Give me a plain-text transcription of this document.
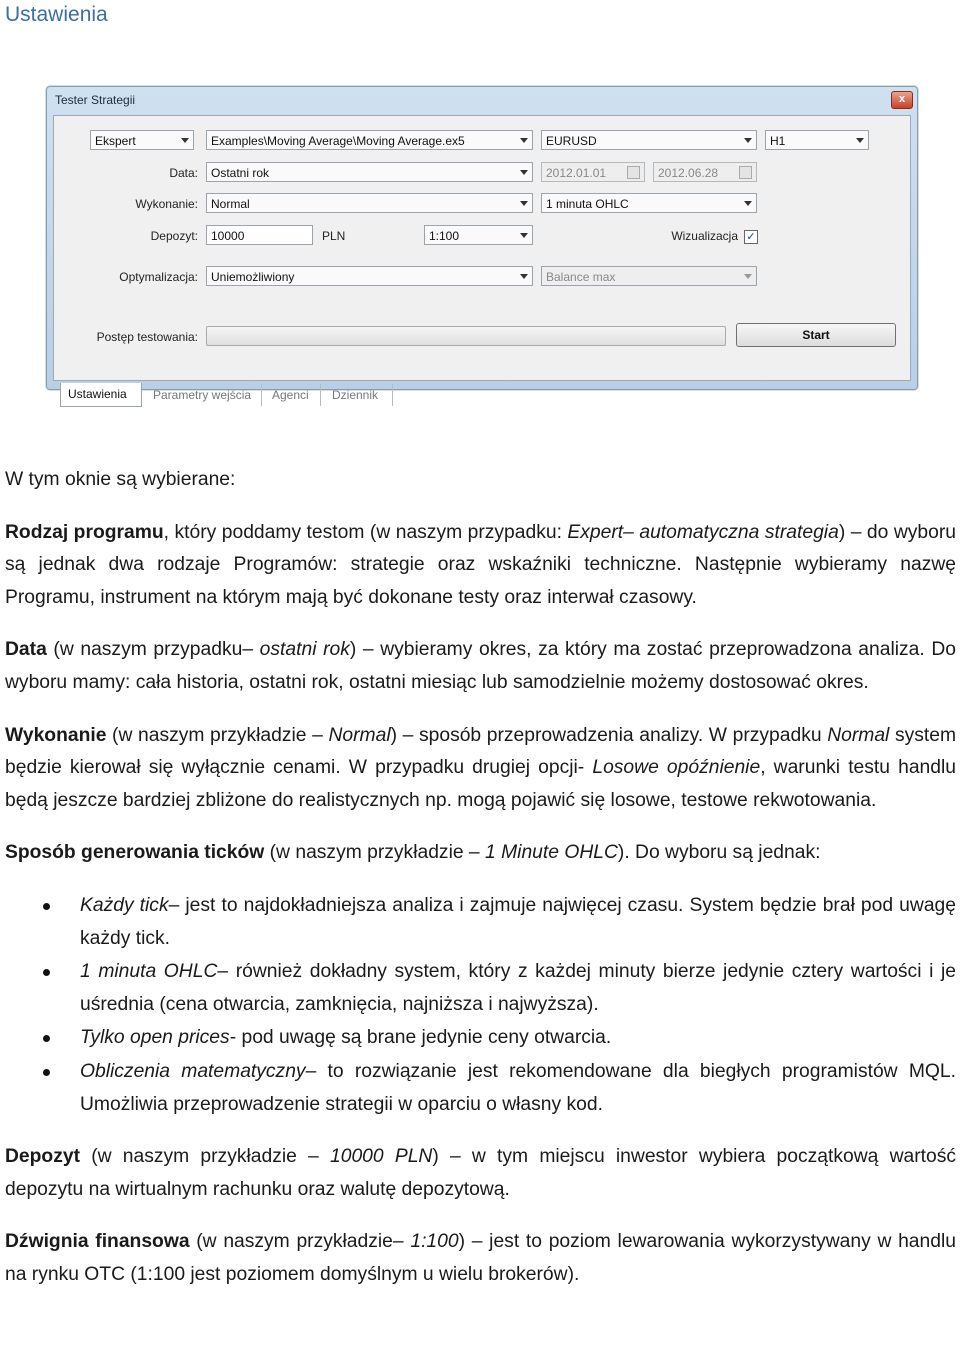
Ustawienia
Tester Strategii	x
Ekspert	Examples\Moving Average\Moving Average.ex5	EURUSD	H1
Data:	Ostatni rok	2012.01.01	2012.06.28
Wykonanie:	Normal	1 minuta OHLC
Depozyt:	10000	PLN	1:100	Wizualizacja ✓
Optymalizacja:	Uniemożliwiony	Balance max
Postęp testowania:	Start
Ustawienia	Parametry wejścia	Agenci	Dziennik

W tym oknie są wybierane:

Rodzaj programu, który poddamy testom (w naszym przypadku: Expert– automatyczna strategia) – do wyboru są jednak dwa rodzaje Programów: strategie oraz wskaźniki techniczne. Następnie wybieramy nazwę Programu, instrument na którym mają być dokonane testy oraz interwał czasowy.

Data (w naszym przypadku– ostatni rok) – wybieramy okres, za który ma zostać przeprowadzona analiza. Do wyboru mamy: cała historia, ostatni rok, ostatni miesiąc lub samodzielnie możemy dostosować okres.

Wykonanie (w naszym przykładzie – Normal) – sposób przeprowadzenia analizy. W przypadku Normal system będzie kierował się wyłącznie cenami. W przypadku drugiej opcji- Losowe opóźnienie, warunki testu handlu będą jeszcze bardziej zbliżone do realistycznych np. mogą pojawić się losowe, testowe rekwotowania.

Sposób generowania ticków (w naszym przykładzie – 1 Minute OHLC). Do wyboru są jednak:

Każdy tick– jest to najdokładniejsza analiza i zajmuje najwięcej czasu. System będzie brał pod uwagę każdy tick.
1 minuta OHLC– również dokładny system, który z każdej minuty bierze jedynie cztery wartości i je uśrednia (cena otwarcia, zamknięcia, najniższa i najwyższa).
Tylko open prices- pod uwagę są brane jedynie ceny otwarcia.
Obliczenia matematyczny– to rozwiązanie jest rekomendowane dla biegłych programistów MQL. Umożliwia przeprowadzenie strategii w oparciu o własny kod.

Depozyt (w naszym przykładzie – 10000 PLN) – w tym miejscu inwestor wybiera początkową wartość depozytu na wirtualnym rachunku oraz walutę depozytową.

Dźwignia finansowa (w naszym przykładzie– 1:100) – jest to poziom lewarowania wykorzystywany w handlu na rynku OTC (1:100 jest poziomem domyślnym u wielu brokerów).
